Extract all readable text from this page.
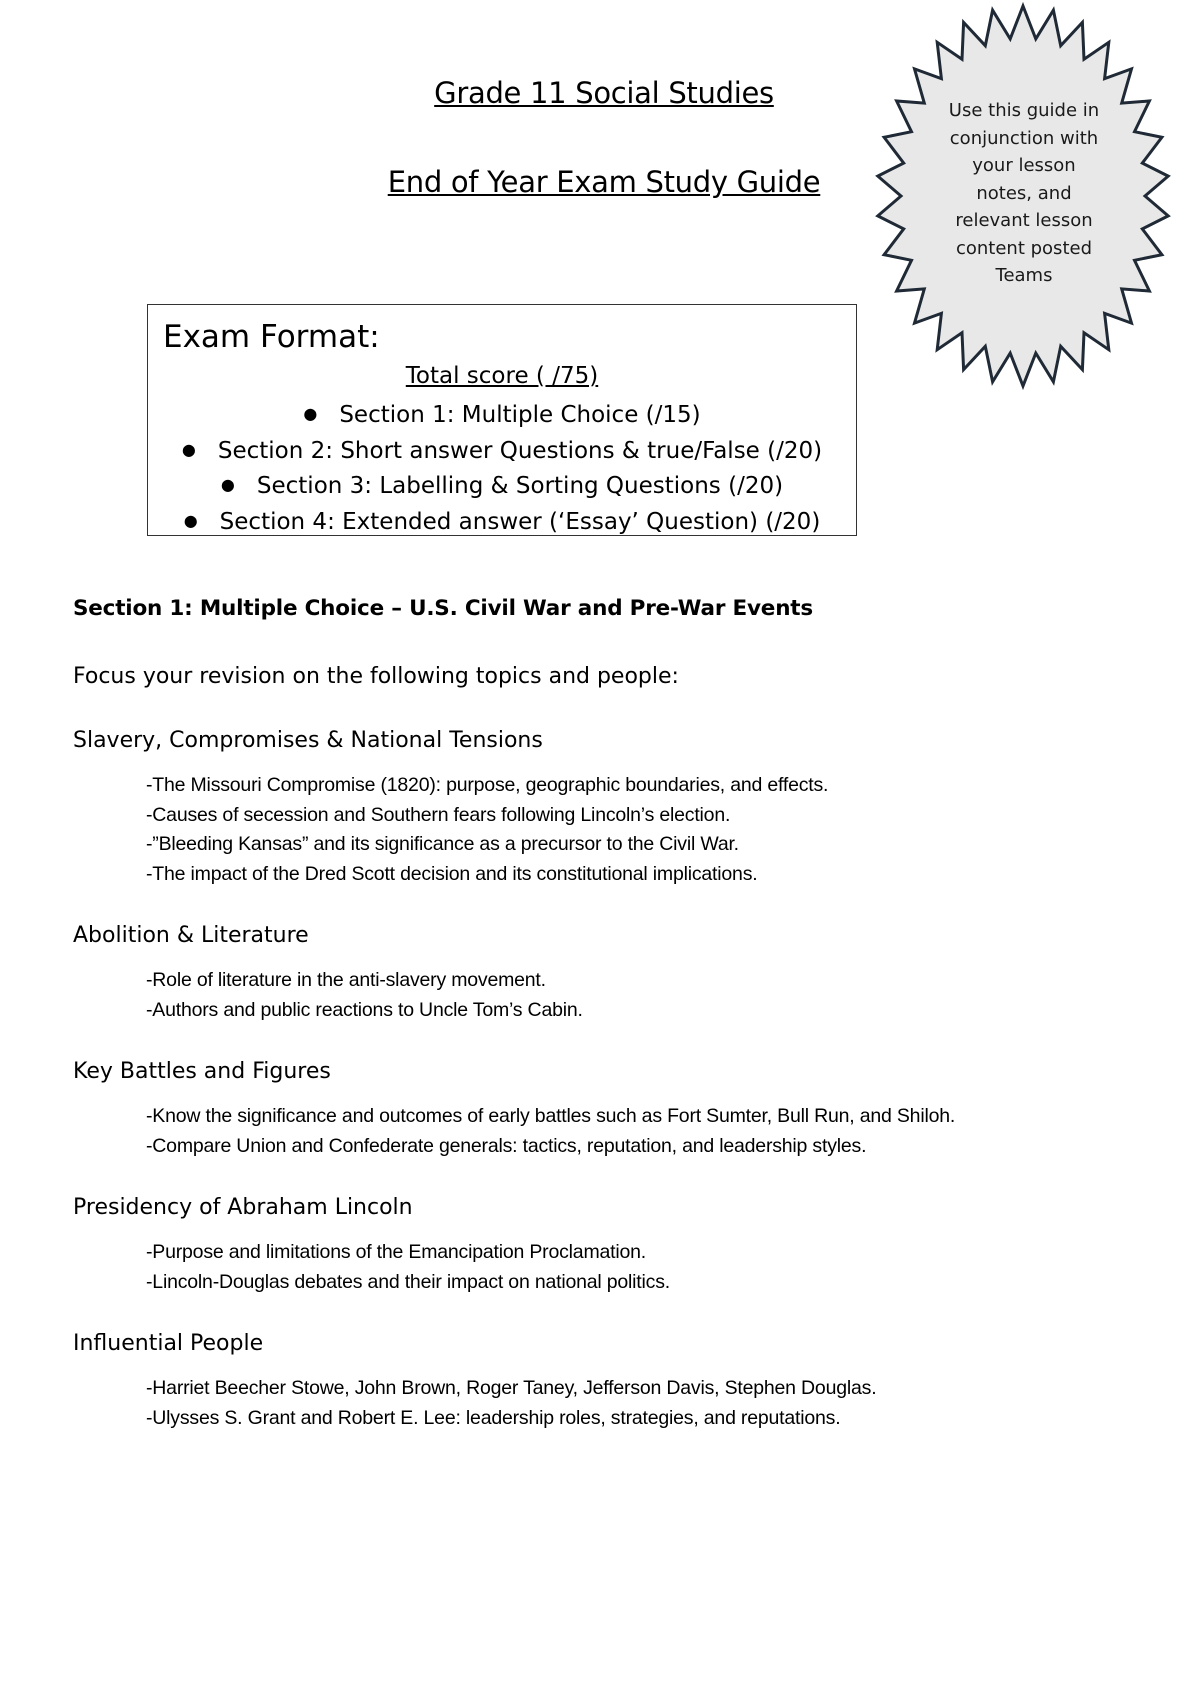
Grade 11 Social Studies
End of Year Exam Study Guide

Use this guide in conjunction with your lesson notes, and relevant lesson content posted Teams

Exam Format:

Total score ( /75)

● Section 1: Multiple Choice (/15)
● Section 2: Short answer Questions & true/False (/20)
● Section 3: Labelling & Sorting Questions (/20)
● Section 4: Extended answer (‘Essay’ Question) (/20)

Section 1: Multiple Choice – U.S. Civil War and Pre-War Events

Focus your revision on the following topics and people:

Slavery, Compromises & National Tensions

-The Missouri Compromise (1820): purpose, geographic boundaries, and effects.
-Causes of secession and Southern fears following Lincoln’s election.
-”Bleeding Kansas” and its significance as a precursor to the Civil War.
-The impact of the Dred Scott decision and its constitutional implications.

Abolition & Literature

-Role of literature in the anti-slavery movement.
-Authors and public reactions to Uncle Tom’s Cabin.

Key Battles and Figures

-Know the significance and outcomes of early battles such as Fort Sumter, Bull Run, and Shiloh.
-Compare Union and Confederate generals: tactics, reputation, and leadership styles.

Presidency of Abraham Lincoln

-Purpose and limitations of the Emancipation Proclamation.
-Lincoln-Douglas debates and their impact on national politics.

Influential People

-Harriet Beecher Stowe, John Brown, Roger Taney, Jefferson Davis, Stephen Douglas.
-Ulysses S. Grant and Robert E. Lee: leadership roles, strategies, and reputations.
